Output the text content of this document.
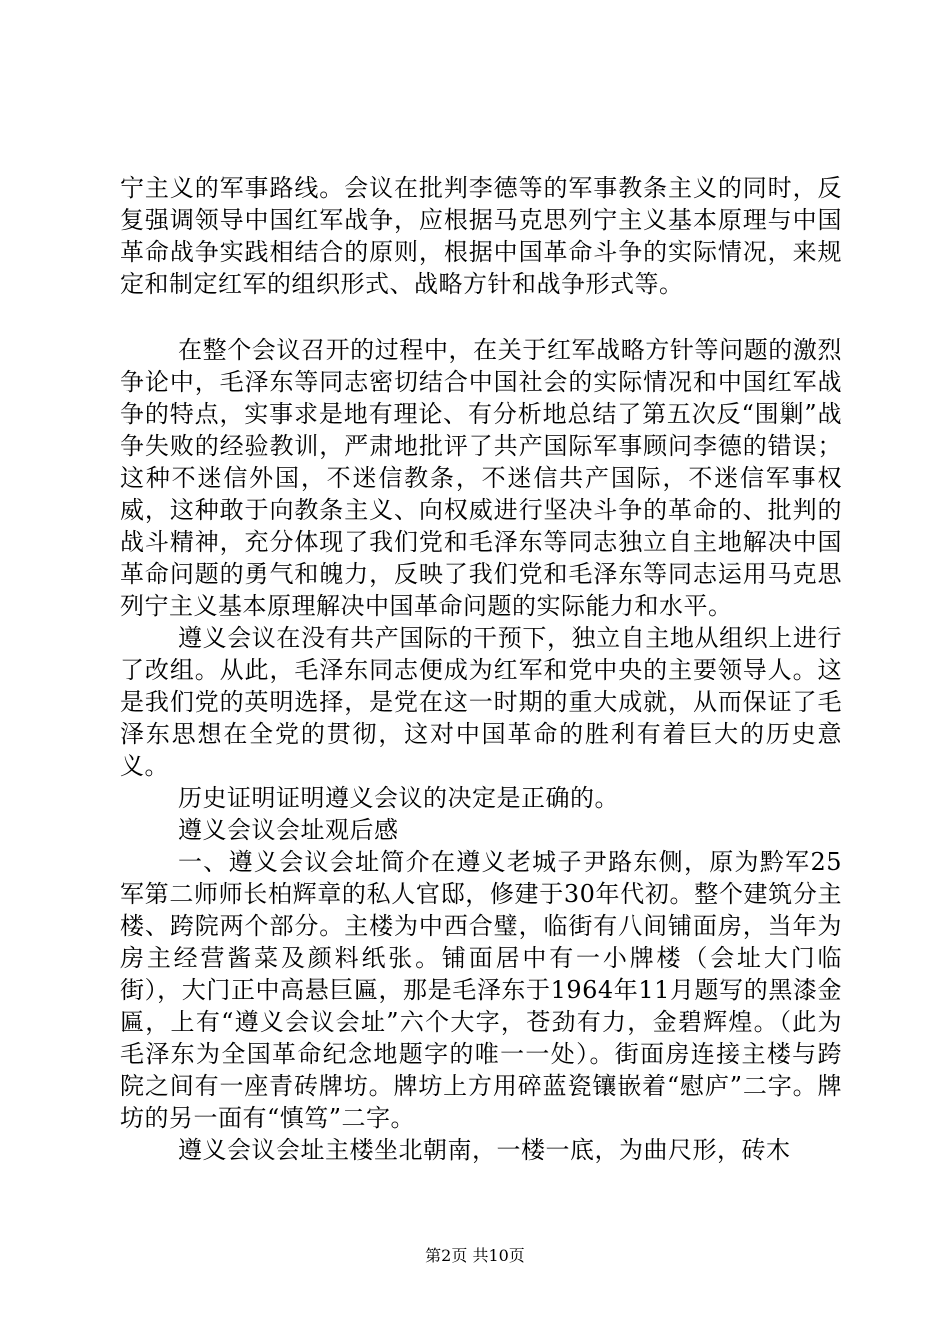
宁主义的军事路线。会议在批判李德等的军事教条主义的同时，反复强调领导中国红军战争，应根据马克思列宁主义基本原理与中国革命战争实践相结合的原则，根据中国革命斗争的实际情况，来规定和制定红军的组织形式、战略方针和战争形式等。

在整个会议召开的过程中，在关于红军战略方针等问题的激烈争论中，毛泽东等同志密切结合中国社会的实际情况和中国红军战争的特点，实事求是地有理论、有分析地总结了第五次反“围剿”战争失败的经验教训，严肃地批评了共产国际军事顾问李德的错误；这种不迷信外国，不迷信教条，不迷信共产国际，不迷信军事权威，这种敢于向教条主义、向权威进行坚决斗争的革命的、批判的战斗精神，充分体现了我们党和毛泽东等同志独立自主地解决中国革命问题的勇气和魄力，反映了我们党和毛泽东等同志运用马克思列宁主义基本原理解决中国革命问题的实际能力和水平。

遵义会议在没有共产国际的干预下，独立自主地从组织上进行了改组。从此，毛泽东同志便成为红军和党中央的主要领导人。这是我们党的英明选择，是党在这一时期的重大成就，从而保证了毛泽东思想在全党的贯彻，这对中国革命的胜利有着巨大的历史意义。

历史证明证明遵义会议的决定是正确的。

遵义会议会址观后感

一、遵义会议会址简介在遵义老城子尹路东侧，原为黔军25军第二师师长柏辉章的私人官邸，修建于30年代初。整个建筑分主楼、跨院两个部分。主楼为中西合璧，临街有八间铺面房，当年为房主经营酱菜及颜料纸张。铺面居中有一小牌楼（会址大门临街），大门正中高悬巨匾，那是毛泽东于1964年11月题写的黑漆金匾，上有“遵义会议会址”六个大字，苍劲有力，金碧辉煌。（此为毛泽东为全国革命纪念地题字的唯一一处）。街面房连接主楼与跨院之间有一座青砖牌坊。牌坊上方用碎蓝瓷镶嵌着“慰庐”二字。牌坊的另一面有“慎笃”二字。

遵义会议会址主楼坐北朝南，一楼一底，为曲尺形，砖木

第2页 共10页
